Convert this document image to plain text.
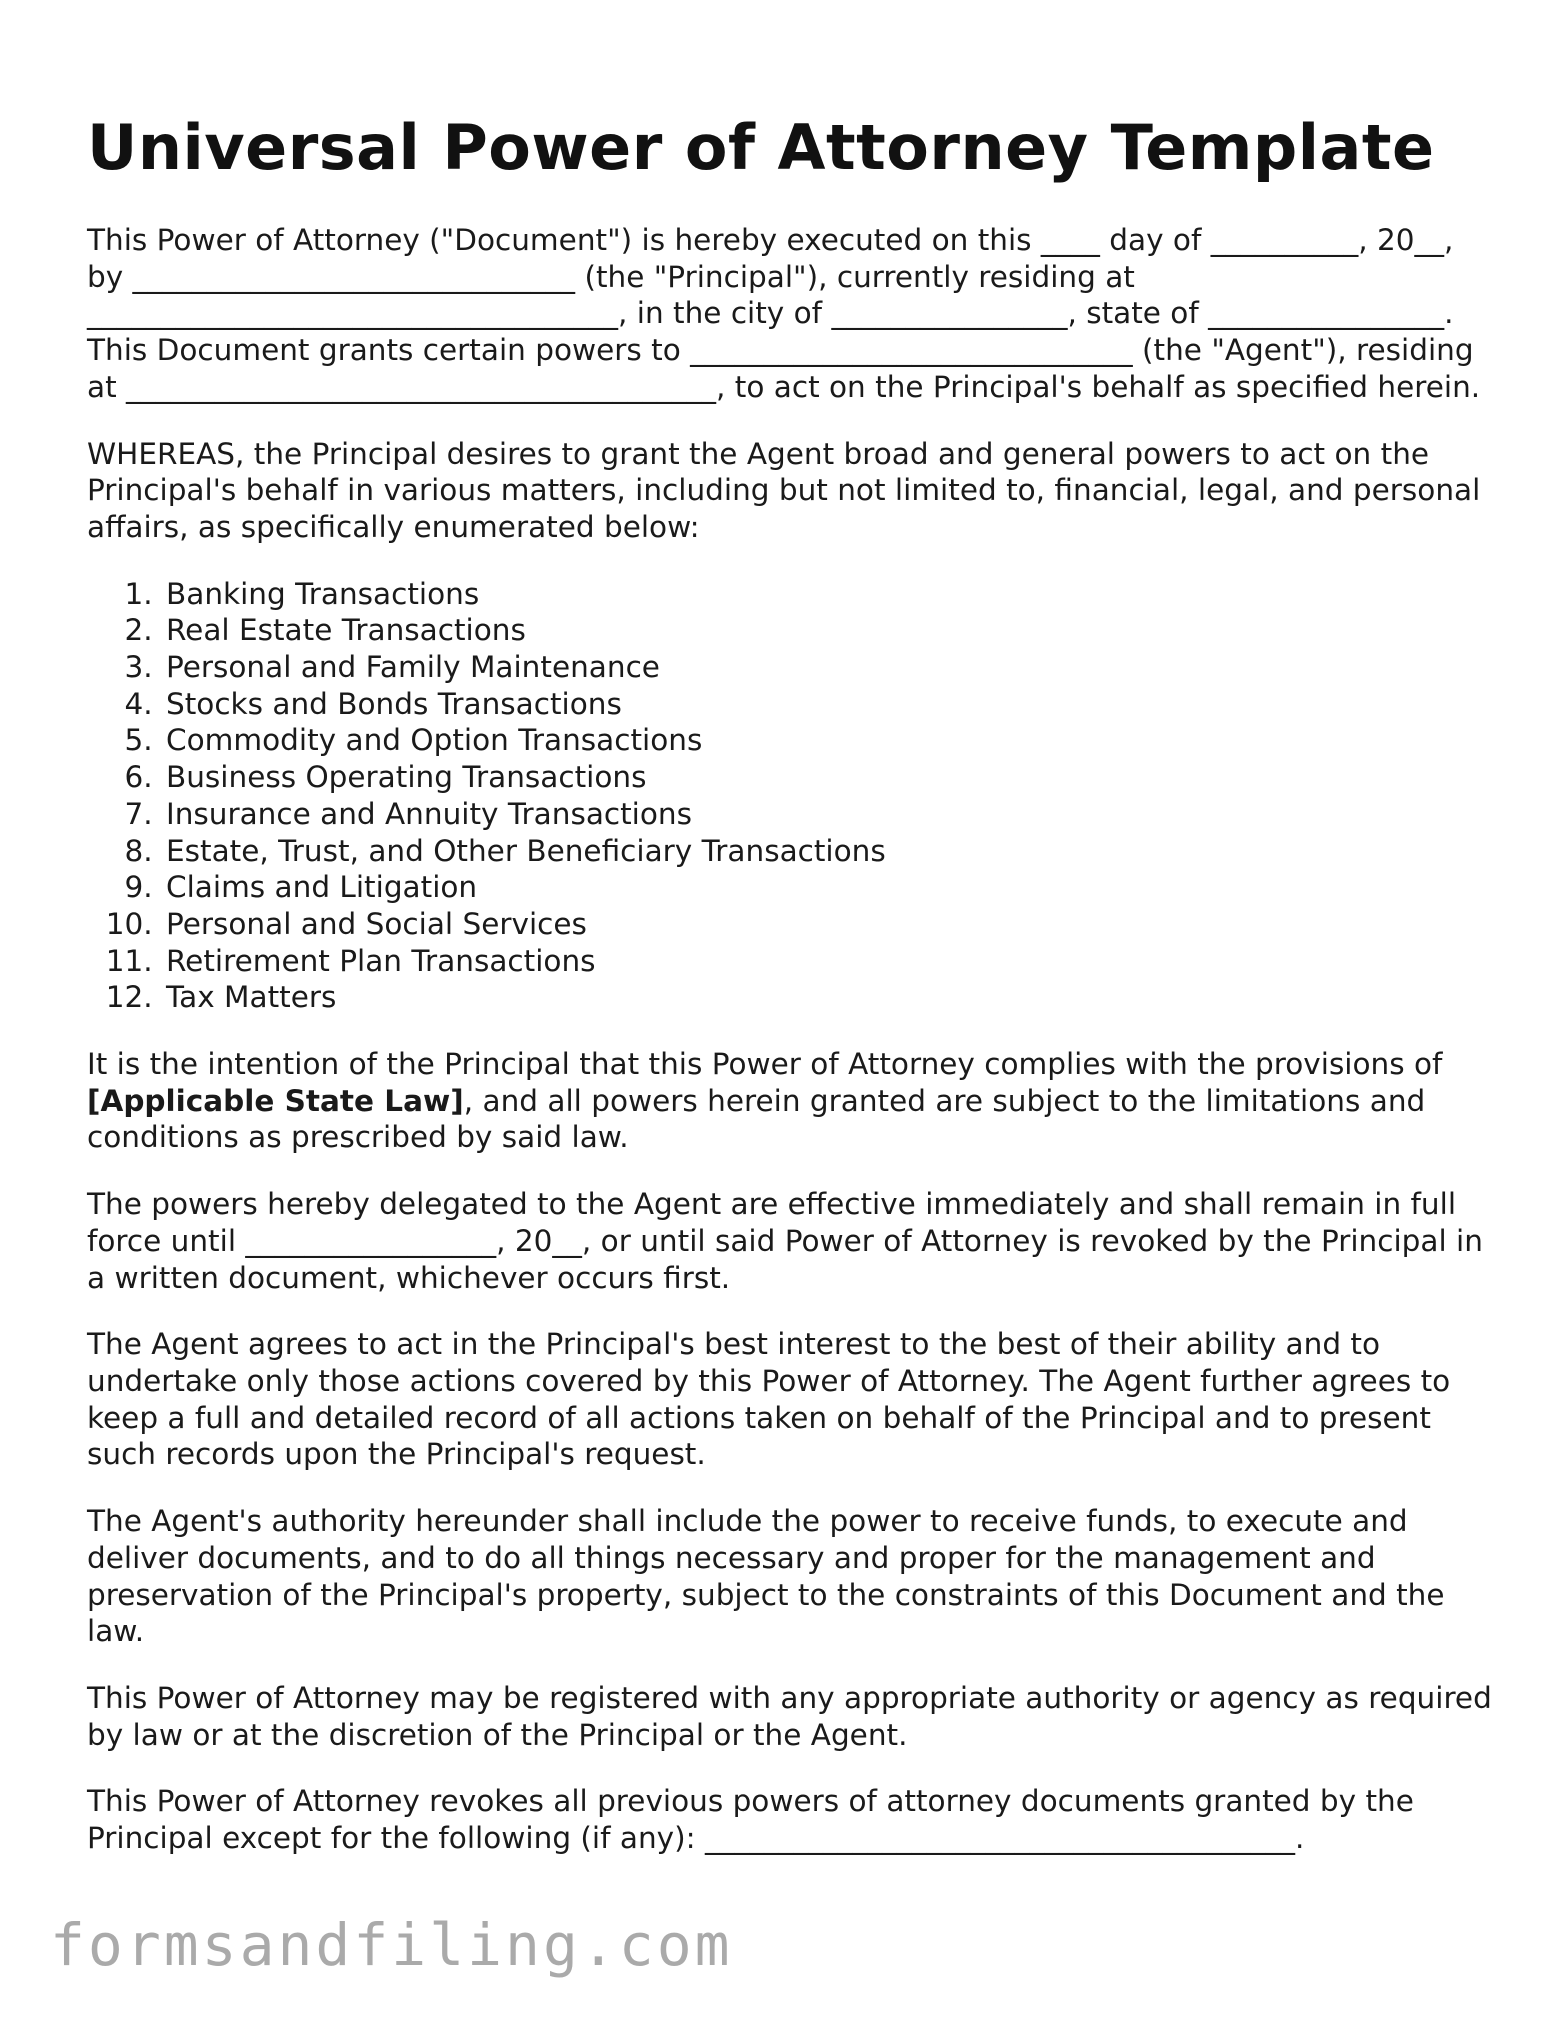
Universal Power of Attorney Template

This Power of Attorney ("Document") is hereby executed on this ____ day of __________, 20__, by ______________________________ (the "Principal"), currently residing at ____________________________________, in the city of ________________, state of ________________. This Document grants certain powers to ______________________________ (the "Agent"), residing at ________________________________________, to act on the Principal's behalf as specified herein.

WHEREAS, the Principal desires to grant the Agent broad and general powers to act on the Principal's behalf in various matters, including but not limited to, financial, legal, and personal affairs, as specifically enumerated below:

1. Banking Transactions
2. Real Estate Transactions
3. Personal and Family Maintenance
4. Stocks and Bonds Transactions
5. Commodity and Option Transactions
6. Business Operating Transactions
7. Insurance and Annuity Transactions
8. Estate, Trust, and Other Beneficiary Transactions
9. Claims and Litigation
10. Personal and Social Services
11. Retirement Plan Transactions
12. Tax Matters

It is the intention of the Principal that this Power of Attorney complies with the provisions of [Applicable State Law], and all powers herein granted are subject to the limitations and conditions as prescribed by said law.

The powers hereby delegated to the Agent are effective immediately and shall remain in full force until _________________, 20__, or until said Power of Attorney is revoked by the Principal in a written document, whichever occurs first.

The Agent agrees to act in the Principal's best interest to the best of their ability and to undertake only those actions covered by this Power of Attorney. The Agent further agrees to keep a full and detailed record of all actions taken on behalf of the Principal and to present such records upon the Principal's request.

The Agent's authority hereunder shall include the power to receive funds, to execute and deliver documents, and to do all things necessary and proper for the management and preservation of the Principal's property, subject to the constraints of this Document and the law.

This Power of Attorney may be registered with any appropriate authority or agency as required by law or at the discretion of the Principal or the Agent.

This Power of Attorney revokes all previous powers of attorney documents granted by the Principal except for the following (if any): ________________________________________.

formsandfiling.com
